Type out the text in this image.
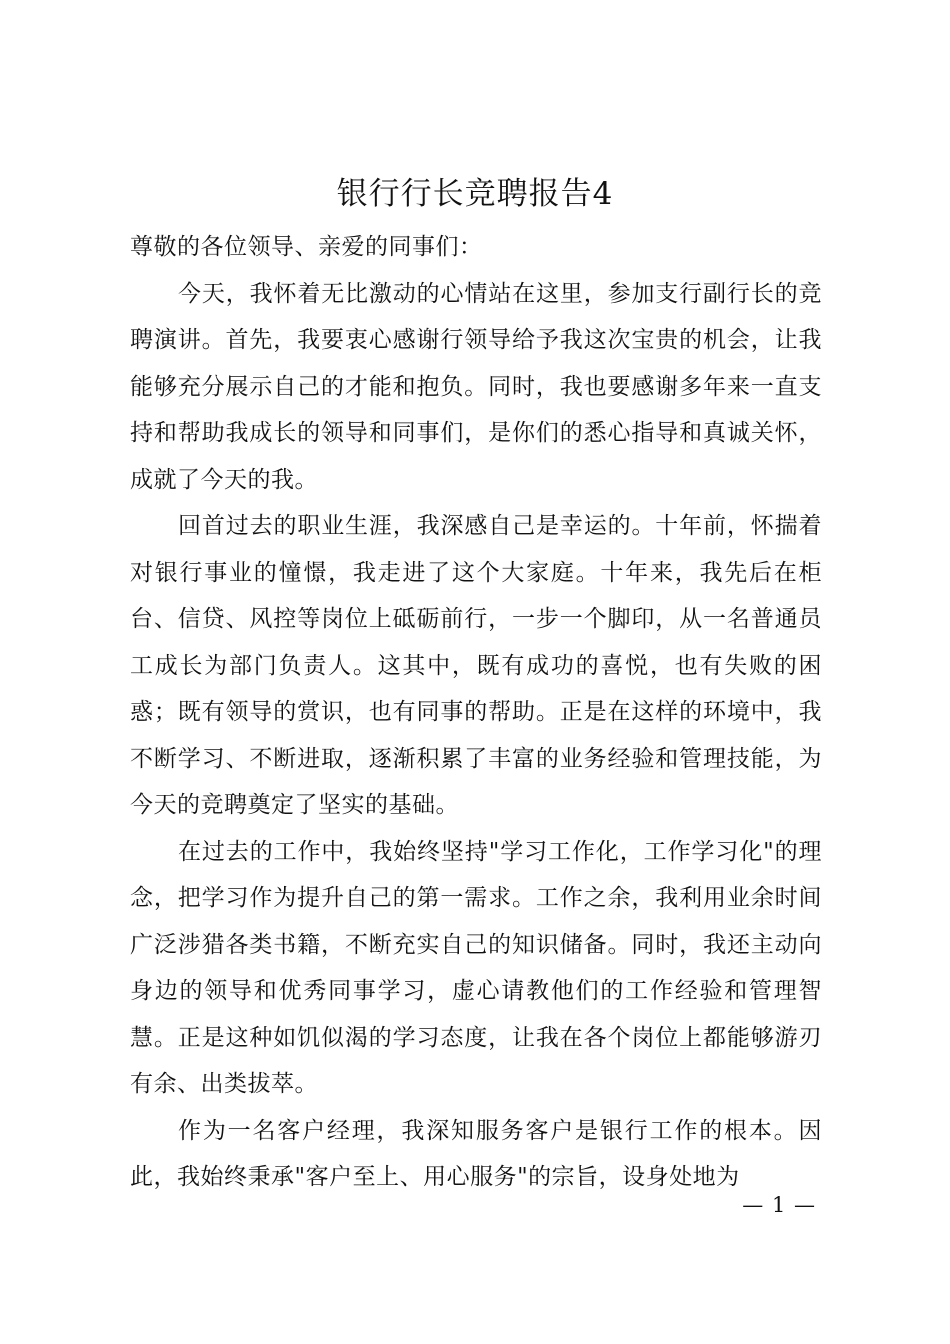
银行行长竞聘报告4

尊敬的各位领导、亲爱的同事们：

今天，我怀着无比激动的心情站在这里，参加支行副行长的竞聘演讲。首先，我要衷心感谢行领导给予我这次宝贵的机会，让我能够充分展示自己的才能和抱负。同时，我也要感谢多年来一直支持和帮助我成长的领导和同事们，是你们的悉心指导和真诚关怀，成就了今天的我。

回首过去的职业生涯，我深感自己是幸运的。十年前，怀揣着对银行事业的憧憬，我走进了这个大家庭。十年来，我先后在柜台、信贷、风控等岗位上砥砺前行，一步一个脚印，从一名普通员工成长为部门负责人。这其中，既有成功的喜悦，也有失败的困惑；既有领导的赏识，也有同事的帮助。正是在这样的环境中，我不断学习、不断进取，逐渐积累了丰富的业务经验和管理技能，为今天的竞聘奠定了坚实的基础。

在过去的工作中，我始终坚持"学习工作化，工作学习化"的理念，把学习作为提升自己的第一需求。工作之余，我利用业余时间广泛涉猎各类书籍，不断充实自己的知识储备。同时，我还主动向身边的领导和优秀同事学习，虚心请教他们的工作经验和管理智慧。正是这种如饥似渴的学习态度，让我在各个岗位上都能够游刃有余、出类拔萃。

作为一名客户经理，我深知服务客户是银行工作的根本。因此，我始终秉承"客户至上、用心服务"的宗旨，设身处地为

— 1 —
